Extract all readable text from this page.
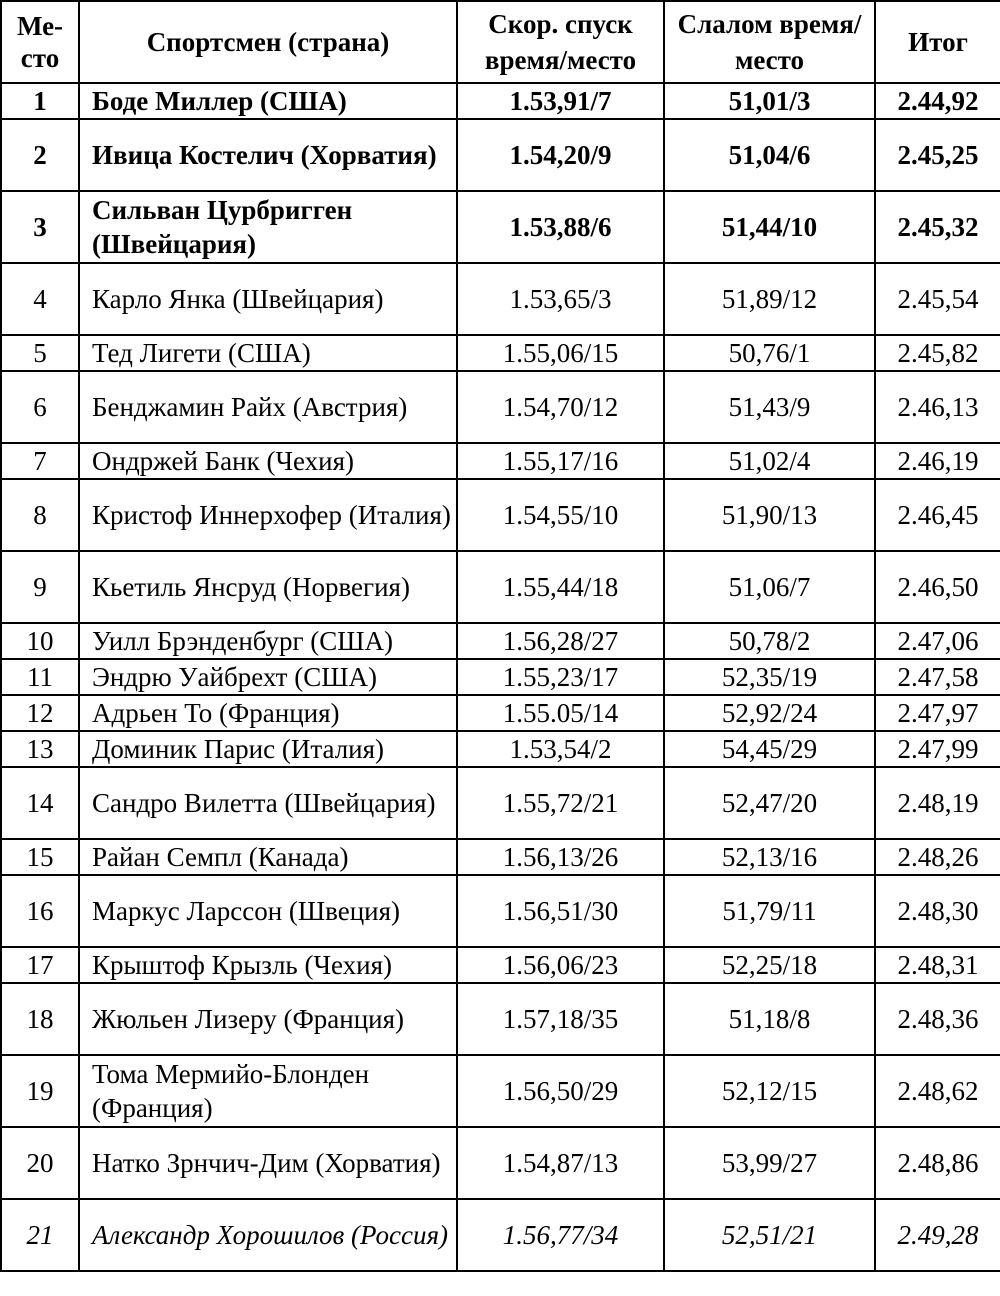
Ме-сто	Спортсмен (страна)	Скор. спуск время/место	Слалом время/место	Итог
1	Боде Миллер (США)	1.53,91/7	51,01/3	2.44,92
2	Ивица Костелич (Хорватия)	1.54,20/9	51,04/6	2.45,25
3	Сильван Цурбригген (Швейцария)	1.53,88/6	51,44/10	2.45,32
4	Карло Янка (Швейцария)	1.53,65/3	51,89/12	2.45,54
5	Тед Лигети (США)	1.55,06/15	50,76/1	2.45,82
6	Бенджамин Райх (Австрия)	1.54,70/12	51,43/9	2.46,13
7	Ондржей Банк (Чехия)	1.55,17/16	51,02/4	2.46,19
8	Кристоф Иннерхофер (Италия)	1.54,55/10	51,90/13	2.46,45
9	Кьетиль Янсруд (Норвегия)	1.55,44/18	51,06/7	2.46,50
10	Уилл Брэнденбург (США)	1.56,28/27	50,78/2	2.47,06
11	Эндрю Уайбрехт (США)	1.55,23/17	52,35/19	2.47,58
12	Адрьен То (Франция)	1.55.05/14	52,92/24	2.47,97
13	Доминик Парис (Италия)	1.53,54/2	54,45/29	2.47,99
14	Сандро Вилетта (Швейцария)	1.55,72/21	52,47/20	2.48,19
15	Райан Семпл (Канада)	1.56,13/26	52,13/16	2.48,26
16	Маркус Ларссон (Швеция)	1.56,51/30	51,79/11	2.48,30
17	Крыштоф Крызль (Чехия)	1.56,06/23	52,25/18	2.48,31
18	Жюльен Лизеру (Франция)	1.57,18/35	51,18/8	2.48,36
19	Тома Мермийо-Блонден (Франция)	1.56,50/29	52,12/15	2.48,62
20	Натко Зрнчич-Дим (Хорватия)	1.54,87/13	53,99/27	2.48,86
21	Александр Хорошилов (Россия)	1.56,77/34	52,51/21	2.49,28
